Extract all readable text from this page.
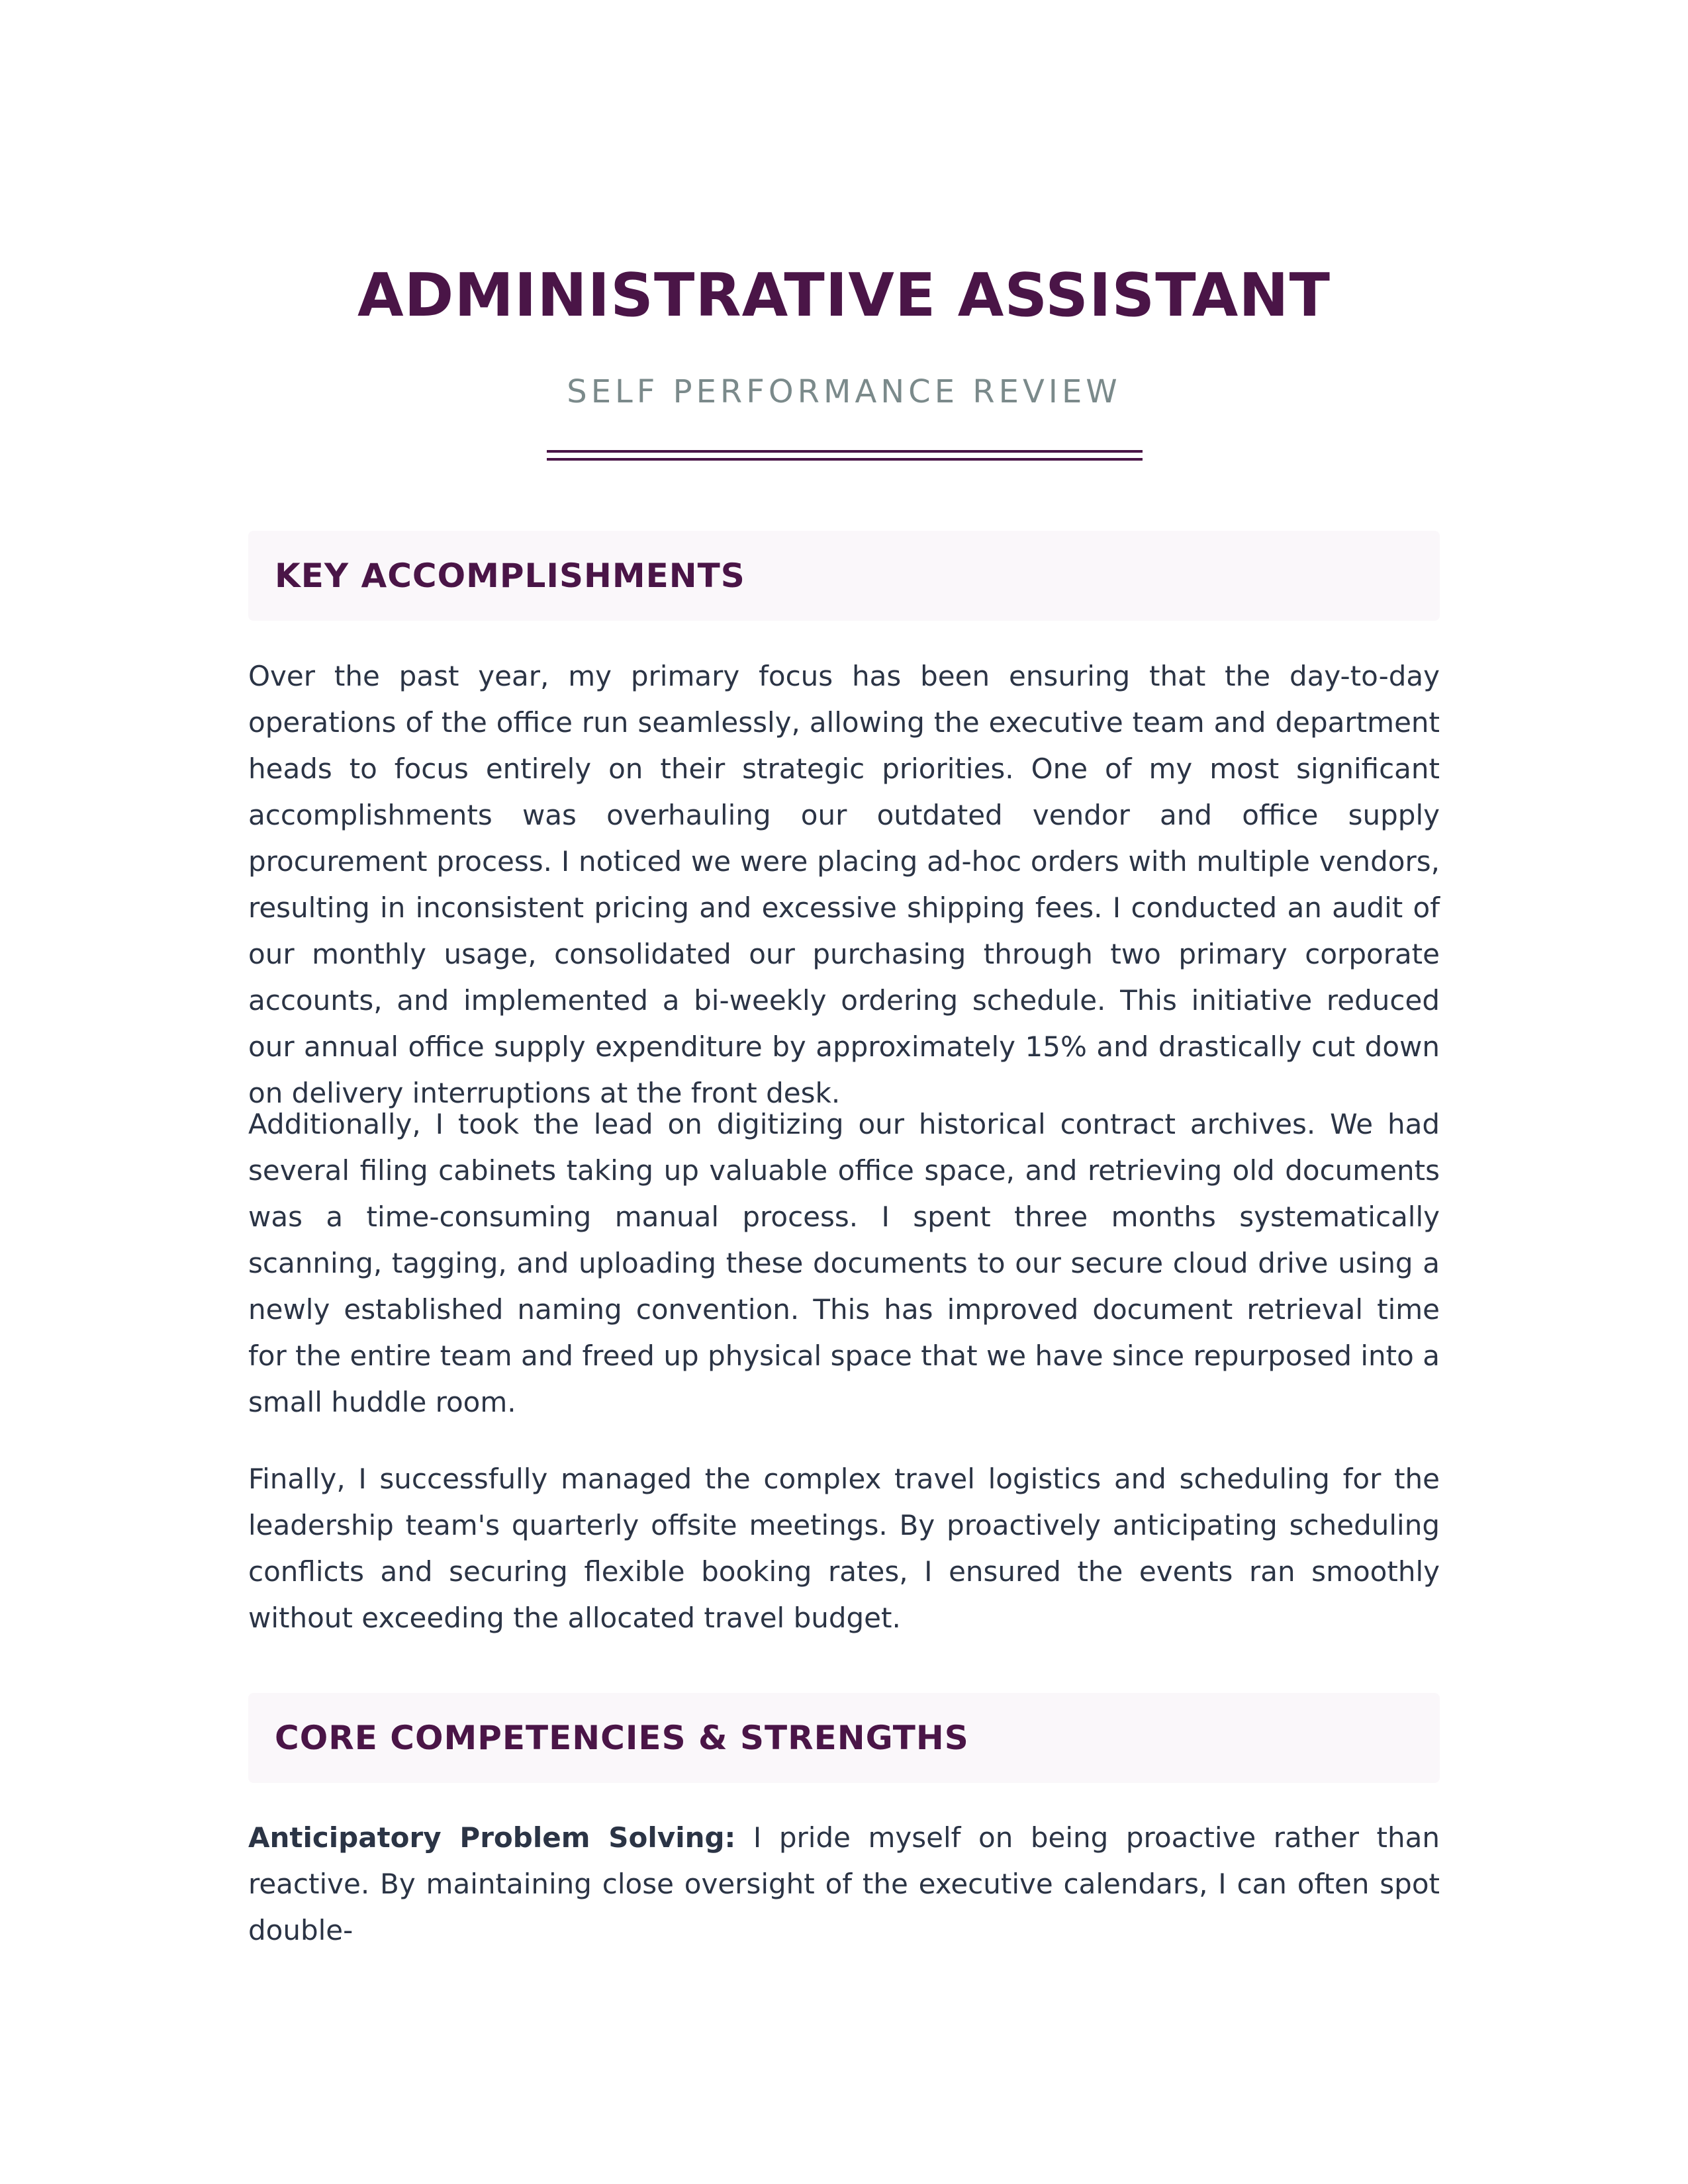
ADMINISTRATIVE ASSISTANT
SELF PERFORMANCE REVIEW
KEY ACCOMPLISHMENTS

Over the past year, my primary focus has been ensuring that the day-to-day operations of the office run seamlessly, allowing the executive team and department heads to focus entirely on their strategic priorities. One of my most significant accomplishments was overhauling our outdated vendor and office supply procurement process. I noticed we were placing ad-hoc orders with multiple vendors, resulting in inconsistent pricing and excessive shipping fees. I conducted an audit of our monthly usage, consolidated our purchasing through two primary corporate accounts, and implemented a bi-weekly ordering schedule. This initiative reduced our annual office supply expenditure by approximately 15% and drastically cut down on delivery interruptions at the front desk.

Additionally, I took the lead on digitizing our historical contract archives. We had several filing cabinets taking up valuable office space, and retrieving old documents was a time-consuming manual process. I spent three months systematically scanning, tagging, and uploading these documents to our secure cloud drive using a newly established naming convention. This has improved document retrieval time for the entire team and freed up physical space that we have since repurposed into a small huddle room.

Finally, I successfully managed the complex travel logistics and scheduling for the leadership team's quarterly offsite meetings. By proactively anticipating scheduling conflicts and securing flexible booking rates, I ensured the events ran smoothly without exceeding the allocated travel budget.

CORE COMPETENCIES & STRENGTHS

Anticipatory Problem Solving: I pride myself on being proactive rather than reactive. By maintaining close oversight of the executive calendars, I can often spot double-
